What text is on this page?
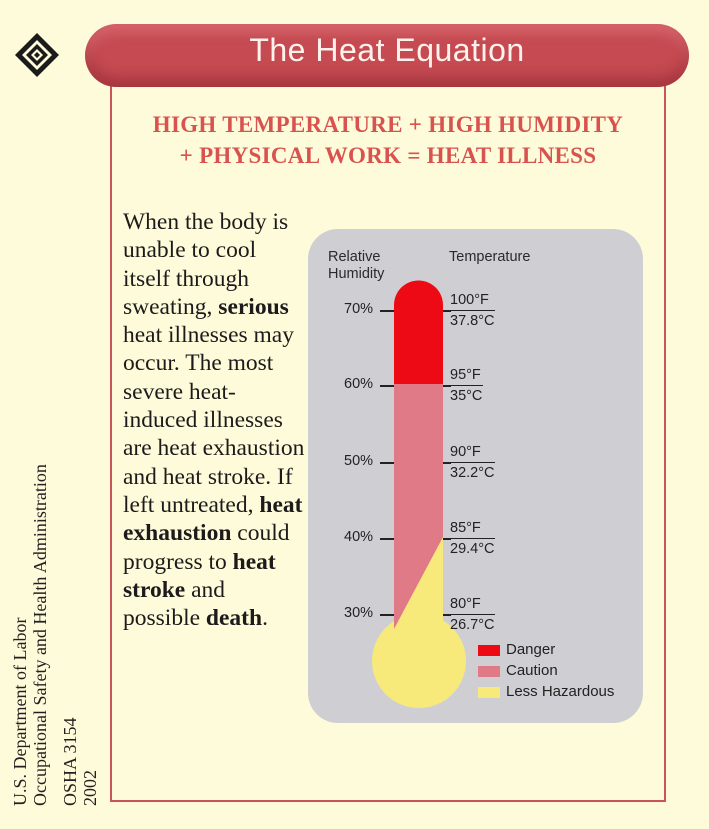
The Heat Equation
HIGH TEMPERATURE + HIGH HUMIDITY
+ PHYSICAL WORK = HEAT ILLNESS
When the body is unable to cool itself through sweating, serious heat illnesses may occur. The most severe heat-induced illnesses are heat exhaustion and heat stroke. If left untreated, heat exhaustion could progress to heat stroke and possible death.
U.S. Department of Labor Occupational Safety and Health Administration OSHA 3154 2002
Relative
Humidity
Temperature
70%
60%
50%
40%
30%
100°F
37.8°C
95°F
35°C
90°F
32.2°C
85°F
29.4°C
80°F
26.7°C
Danger
Caution
Less Hazardous
